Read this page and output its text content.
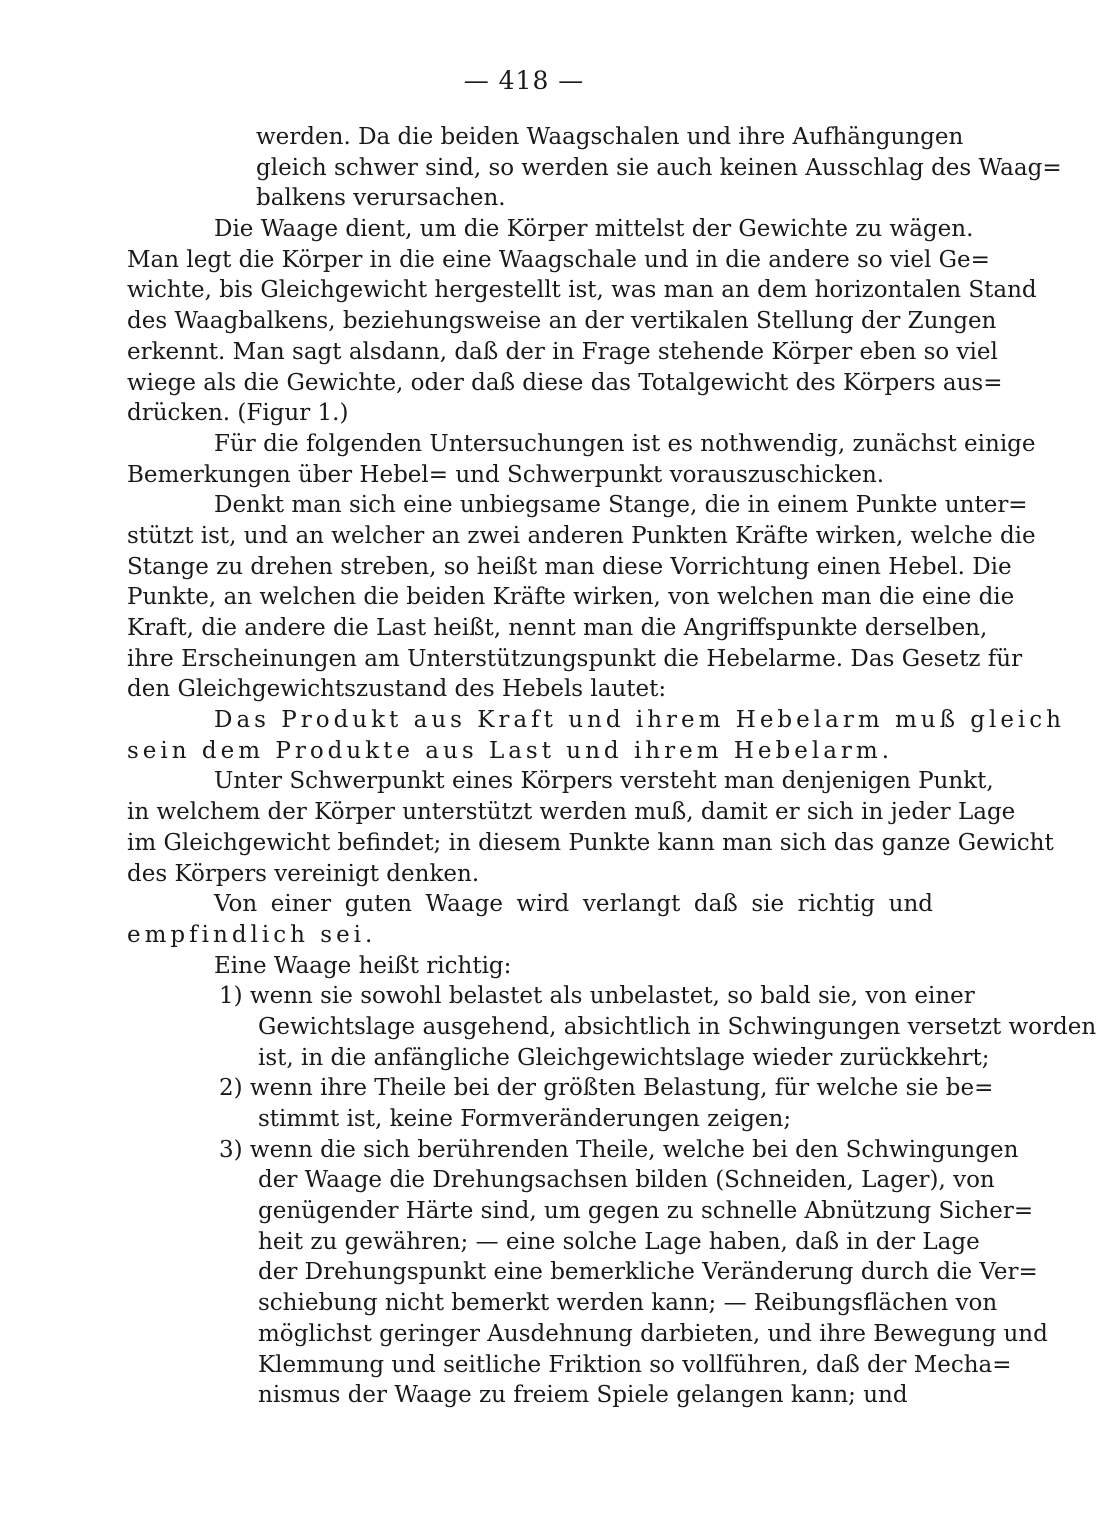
— 418 —
werden. Da die beiden Waagschalen und ihre Aufhängungen
gleich schwer sind, so werden sie auch keinen Ausschlag des Waag=
balkens verursachen.
Die Waage dient, um die Körper mittelst der Gewichte zu wägen.
Man legt die Körper in die eine Waagschale und in die andere so viel Ge=
wichte, bis Gleichgewicht hergestellt ist, was man an dem horizontalen Stand
des Waagbalkens, beziehungsweise an der vertikalen Stellung der Zungen
erkennt. Man sagt alsdann, daß der in Frage stehende Körper eben so viel
wiege als die Gewichte, oder daß diese das Totalgewicht des Körpers aus=
drücken. (Figur 1.)
Für die folgenden Untersuchungen ist es nothwendig, zunächst einige
Bemerkungen über Hebel= und Schwerpunkt vorauszuschicken.
Denkt man sich eine unbiegsame Stange, die in einem Punkte unter=
stützt ist, und an welcher an zwei anderen Punkten Kräfte wirken, welche die
Stange zu drehen streben, so heißt man diese Vorrichtung einen Hebel. Die
Punkte, an welchen die beiden Kräfte wirken, von welchen man die eine die
Kraft, die andere die Last heißt, nennt man die Angriffspunkte derselben,
ihre Erscheinungen am Unterstützungspunkt die Hebelarme. Das Gesetz für
den Gleichgewichtszustand des Hebels lautet:
Das Produkt aus Kraft und ihrem Hebelarm muß gleich
sein dem Produkte aus Last und ihrem Hebelarm.
Unter Schwerpunkt eines Körpers versteht man denjenigen Punkt,
in welchem der Körper unterstützt werden muß, damit er sich in jeder Lage
im Gleichgewicht befindet; in diesem Punkte kann man sich das ganze Gewicht
des Körpers vereinigt denken.
Von einer guten Waage wird verlangt daß sie richtig und
empfindlich sei.
Eine Waage heißt richtig:
1) wenn sie sowohl belastet als unbelastet, so bald sie, von einer
Gewichtslage ausgehend, absichtlich in Schwingungen versetzt worden
ist, in die anfängliche Gleichgewichtslage wieder zurückkehrt;
2) wenn ihre Theile bei der größten Belastung, für welche sie be=
stimmt ist, keine Formveränderungen zeigen;
3) wenn die sich berührenden Theile, welche bei den Schwingungen
der Waage die Drehungsachsen bilden (Schneiden, Lager), von
genügender Härte sind, um gegen zu schnelle Abnützung Sicher=
heit zu gewähren; — eine solche Lage haben, daß in der Lage
der Drehungspunkt eine bemerkliche Veränderung durch die Ver=
schiebung nicht bemerkt werden kann; — Reibungsflächen von
möglichst geringer Ausdehnung darbieten, und ihre Bewegung und
Klemmung und seitliche Friktion so vollführen, daß der Mecha=
nismus der Waage zu freiem Spiele gelangen kann; und
